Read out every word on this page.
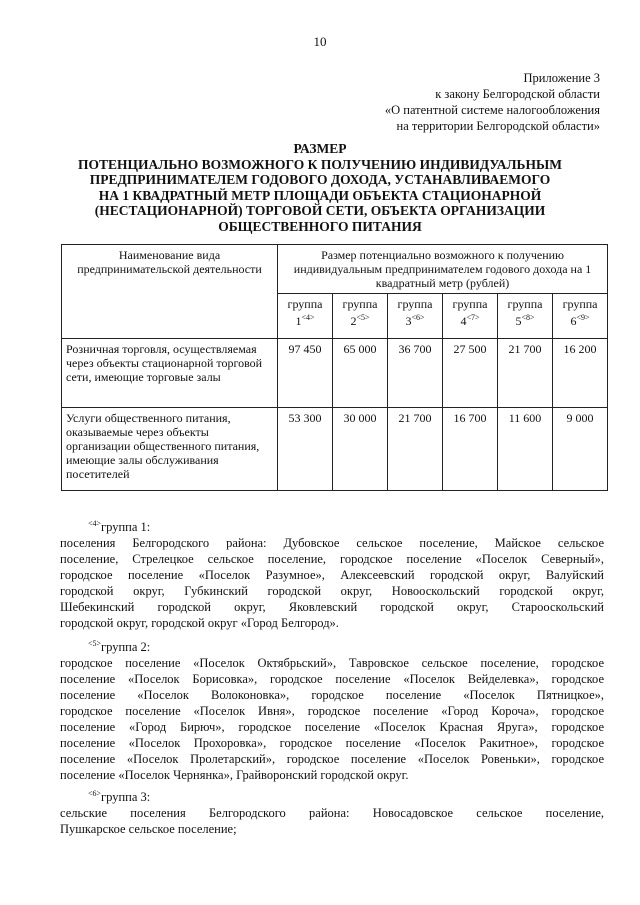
10
Приложение 3
к закону Белгородской области
«О патентной системе налогообложения
на территории Белгородской области»
РАЗМЕР
ПОТЕНЦИАЛЬНО ВОЗМОЖНОГО К ПОЛУЧЕНИЮ ИНДИВИДУАЛЬНЫМ
ПРЕДПРИНИМАТЕЛЕМ ГОДОВОГО ДОХОДА, УСТАНАВЛИВАЕМОГО
НА 1 КВАДРАТНЫЙ МЕТР ПЛОЩАДИ ОБЪЕКТА СТАЦИОНАРНОЙ
(НЕСТАЦИОНАРНОЙ) ТОРГОВОЙ СЕТИ, ОБЪЕКТА ОРГАНИЗАЦИИ
ОБЩЕСТВЕННОГО ПИТАНИЯ
Наименование вида предпринимательской деятельности	Размер потенциально возможного к получению индивидуальным предпринимателем годового дохода на 1 квадратный метр (рублей)					
	группа $1^{<4>}$	группа $2^{<5>}$	группа $3^{<6>}$	группа $4^{<7>}$	группа $5^{<8>}$	группа $6^{<9>}$
Розничная торговля, осуществляемая через объекты стационарной торговой сети, имеющие торговые залы	97 450	65 000	36 700	27 500	21 700	16 200
Услуги общественного питания, оказываемые через объекты организации общественного питания, имеющие залы обслуживания посетителей	53 300	30 000	21 700	16 700	11 600	9 000
$^{<4>}$группа 1:
поселения Белгородского района: Дубовское сельское поселение, Майское сельское
поселение, Стрелецкое сельское поселение, городское поселение «Поселок Северный»,
городское поселение «Поселок Разумное», Алексеевский городской округ, Валуйский
городской округ, Губкинский городской округ, Новооскольский городской округ,
Шебекинский городской округ, Яковлевский городской округ, Старооскольский
городской округ, городской округ «Город Белгород».
$^{<5>}$группа 2:
городское поселение «Поселок Октябрьский», Тавровское сельское поселение, городское
поселение «Поселок Борисовка», городское поселение «Поселок Вейделевка», городское
поселение «Поселок Волоконовка», городское поселение «Поселок Пятницкое»,
городское поселение «Поселок Ивня», городское поселение «Город Короча», городское
поселение «Город Бирюч», городское поселение «Поселок Красная Яруга», городское
поселение «Поселок Прохоровка», городское поселение «Поселок Ракитное», городское
поселение «Поселок Пролетарский», городское поселение «Поселок Ровеньки», городское
поселение «Поселок Чернянка», Грайворонский городской округ.
$^{<6>}$группа 3:
сельские поселения Белгородского района: Новосадовское сельское поселение,
Пушкарское сельское поселение;
